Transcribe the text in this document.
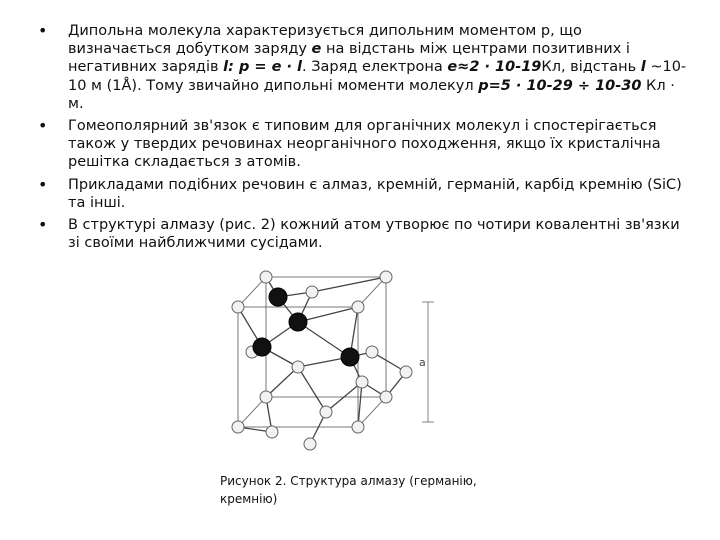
• Дипольна молекула характеризується дипольним моментом р, що визначається добутком заряду е на відстань між центрами позитивних і негативних зарядів l: p = е · l. Заряд електрона е≈2 · 10-19Кл, відстань l ~10-10 м (1Å). Тому звичайно дипольні моменти молекул р=5 · 10-29 ÷ 10-30 Кл · м.
• Гомеополярний зв'язок є типовим для органічних молекул і спостерігається також у твердих речовинах неорганічного походження, якщо їх кристалічна решітка складається з атомів.
• Прикладами подібних речовин є алмаз, кремній, германій, карбід кремнію (SiC) та інші.
• В структурі алмазу (рис. 2) кожний атом утворює по чотири ковалентні зв'язки зі своїми найближчими сусідами.
a
Рисунок 2. Структура алмазу (германію, кремнію)
